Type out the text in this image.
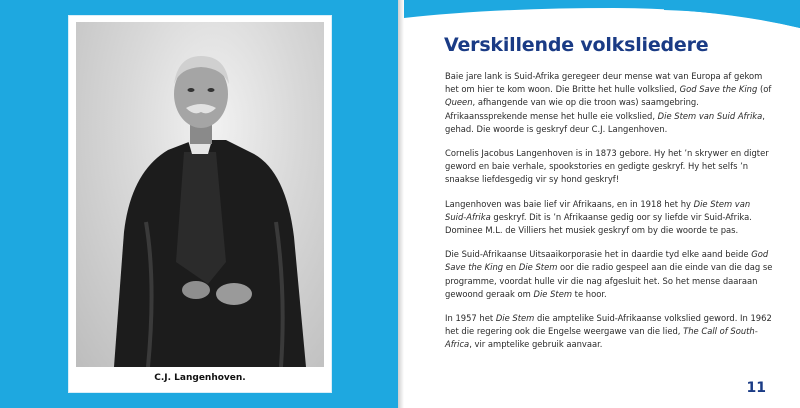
C.J. Langenhoven.
Verskillende volksliedere

Baie jare lank is Suid-Afrika geregeer deur mense wat van Europa af gekom het om hier te kom woon. Die Britte het hulle volkslied, God Save the King (of Queen, afhangende van wie op die troon was) saamgebring. Afrikaanssprekende mense het hulle eie volkslied, Die Stem van Suid Afrika, gehad. Die woorde is geskryf deur C.J. Langenhoven.

Cornelis Jacobus Langenhoven is in 1873 gebore. Hy het ’n skrywer en digter geword en baie verhale, spookstories en gedigte geskryf. Hy het selfs ’n snaakse liefdesgedig vir sy hond geskryf!

Langenhoven was baie lief vir Afrikaans, en in 1918 het hy Die Stem van Suid-Afrika geskryf. Dit is ’n Afrikaanse gedig oor sy liefde vir Suid-Afrika. Dominee M.L. de Villiers het musiek geskryf om by die woorde te pas.

Die Suid-Afrikaanse Uitsaaikorporasie het in daardie tyd elke aand beide God Save the King en Die Stem oor die radio gespeel aan die einde van die dag se programme, voordat hulle vir die nag afgesluit het. So het mense daaraan gewoond geraak om Die Stem te hoor.

In 1957 het Die Stem die amptelike Suid-Afrikaanse volkslied geword. In 1962 het die regering ook die Engelse weergawe van die lied, The Call of South-Africa, vir amptelike gebruik aanvaar.

11
